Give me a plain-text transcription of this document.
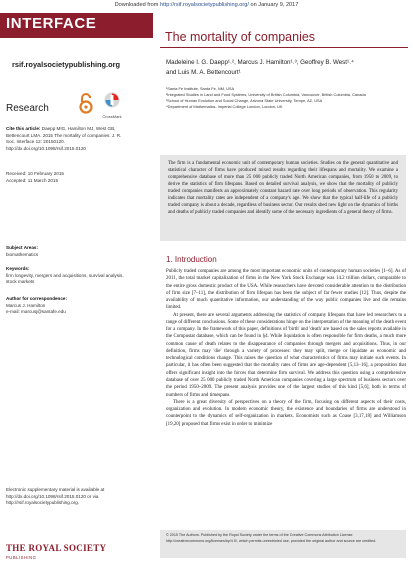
Downloaded from http://rsif.royalsocietypublishing.org/ on January 9, 2017
INTERFACE
rsif.royalsocietypublishing.org
Research
CrossMark
Cite this article: Daepp MIG, Hamilton MJ, West GB, Bettencourt LMA. 2015 The mortality of companies. J. R. Soc. Interface 12: 20150120. http://dx.doi.org/10.1098/rsif.2015.0120
Received: 10 February 2015
Accepted: 11 March 2015
Subject Areas:
biomathematics
Keywords:
firm longevity, mergers and acquisitions, survival analysis, stock markets
Author for correspondence:
Marcus J. Hamilton
e-mail: marcusj@santafe.edu
Electronic supplementary material is available at http://dx.doi.org/10.1098/rsif.2015.0120 or via http://rsif.royalsocietypublishing.org.
THE ROYAL SOCIETY
PUBLISHING
The mortality of companies
Madeleine I. G. Daepp¹˒², Marcus J. Hamilton¹˒³, Geoffrey B. West¹˒⁴
and Luis M. A. Bettencourt¹
¹Santa Fe Institute, Santa Fe, NM, USA
²Integrated Studies in Land and Food Systems, University of British Columbia, Vancouver, British Columbia, Canada
³School of Human Evolution and Social Change, Arizona State University, Tempe, AZ, USA
⁴Department of Mathematics, Imperial College London, London, UK
The firm is a fundamental economic unit of contemporary human societies. Studies on the general quantitative and statistical character of firms have produced mixed results regarding their lifespans and mortality. We examine a comprehensive database of more than 25 000 publicly traded North American companies, from 1950 to 2009, to derive the statistics of firm lifespans. Based on detailed survival analysis, we show that the mortality of publicly traded companies manifests an approximately constant hazard rate over long periods of observation. This regularity indicates that mortality rates are independent of a company's age. We show that the typical half-life of a publicly traded company is about a decade, regardless of business sector. Our results shed new light on the dynamics of births and deaths of publicly traded companies and identify some of the necessary ingredients of a general theory of firms.
1. Introduction

Publicly traded companies are among the most important economic units of contemporary human societies [1–6]. As of 2011, the total market capitalization of firms in the New York Stock Exchange was 14.2 trillion dollars, comparable to the entire gross domestic product of the USA. While researchers have devoted considerable attention to the distribution of firm size [7–11], the distribution of firm lifespan has been the subject of far fewer studies [12]. Thus, despite the availability of much quantitative information, our understanding of the way public companies live and die remains limited.

At present, there are several arguments addressing the statistics of company lifespans that have led researchers to a range of different conclusions. Some of these considerations hinge on the interpretation of the meaning of the death event for a company. In the framework of this paper, definitions of 'birth' and 'death' are based on the sales reports available in the Compustat database, which can be found in §4. While liquidation is often responsible for firm deaths, a much more common cause of death relates to the disappearance of companies through mergers and acquisitions. Thus, in our definition, firms may 'die' through a variety of processes: they may split, merge or liquidate as economic and technological conditions change. This raises the question of what characteristics of firms may initiate such events. In particular, it has often been suggested that the mortality rates of firms are age-dependent [5,13–16], a proposition that offers significant insight into the forces that determine firm survival. We address this question using a comprehensive database of over 25 000 publicly traded North American companies covering a large spectrum of business sectors over the period 1950–2009. The present analysis provides one of the largest studies of this kind [5,6], both in terms of numbers of firms and timespans.

There is a great diversity of perspectives on a theory of the firm, focusing on different aspects of their costs, organization and evolution. In modern economic theory, the existence and boundaries of firms are understood in counterpoint to the dynamics of self-organization in markets. Economists such as Coase [3,17,18] and Williamson [19,20] proposed that firms exist in order to minimize

© 2015 The Authors. Published by the Royal Society under the terms of the Creative Commons Attribution License http://creativecommons.org/licenses/by/4.0/, which permits unrestricted use, provided the original author and source are credited.
